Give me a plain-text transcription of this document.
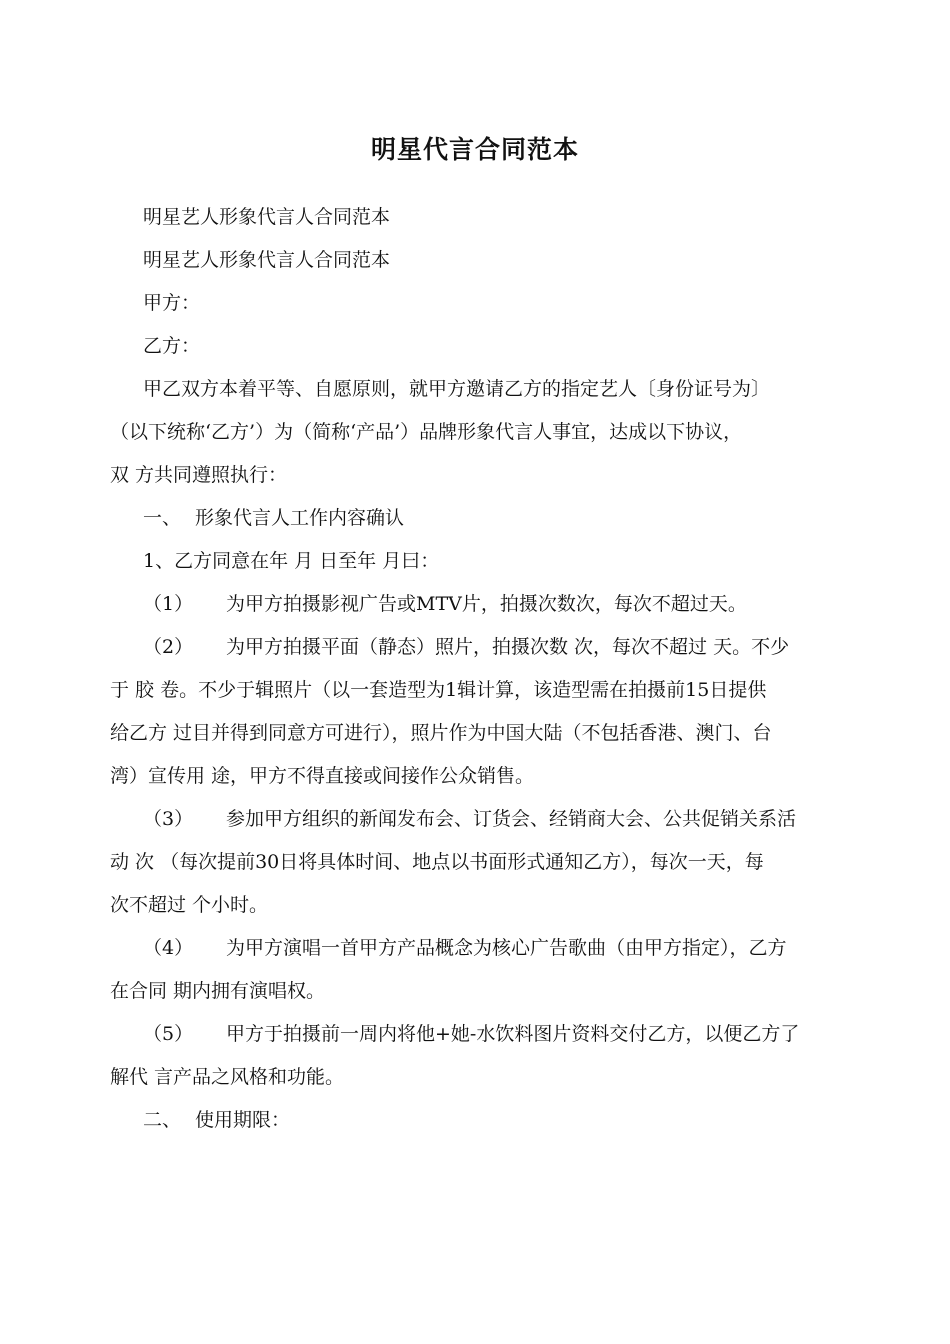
明星代言合同范本

明星艺人形象代言人合同范本

明星艺人形象代言人合同范本

甲方：

乙方：

甲乙双方本着平等、自愿原则，就甲方邀请乙方的指定艺人〔身份证号为〕

（以下统称‘乙方’）为（简称‘产品’）品牌形象代言人事宜，达成以下协议，

双 方共同遵照执行：

一、 形象代言人工作内容确认

1、乙方同意在年 月 日至年 月曰：

（1） 为甲方拍摄影视广告或MTV片，拍摄次数次，每次不超过天。

（2） 为甲方拍摄平面（静态）照片，拍摄次数 次，每次不超过 天。不少

于 胶 卷。不少于辑照片（以一套造型为1辑计算，该造型需在拍摄前15日提供

给乙方 过目并得到同意方可进行），照片作为中国大陆（不包括香港、澳门、台

湾）宣传用 途，甲方不得直接或间接作公众销售。

（3） 参加甲方组织的新闻发布会、订货会、经销商大会、公共促销关系活

动 次 （每次提前30日将具体时间、地点以书面形式通知乙方），每次一天，每

次不超过 个小时。

（4） 为甲方演唱一首甲方产品概念为核心广告歌曲（由甲方指定），乙方

在合同 期内拥有演唱权。

（5） 甲方于拍摄前一周内将他+她-水饮料图片资料交付乙方，以便乙方了

解代 言产品之风格和功能。

二、 使用期限：
